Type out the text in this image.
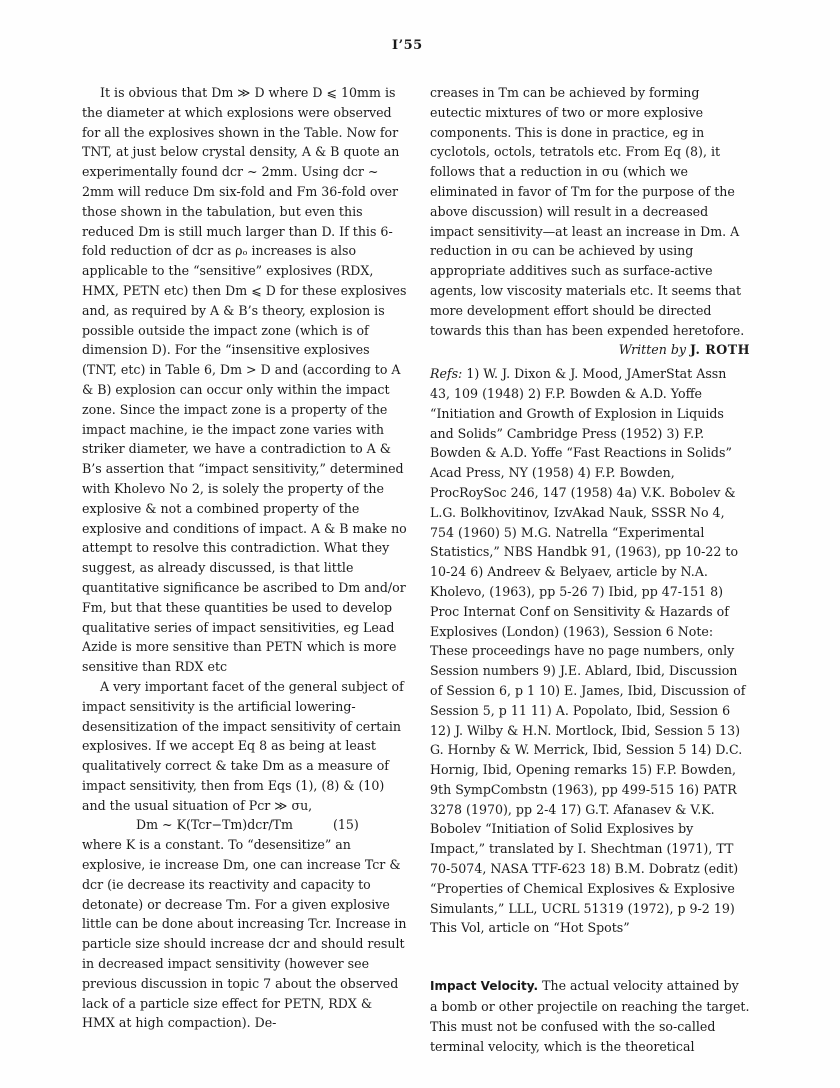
I’55

It is obvious that Dm ≫ D where D ⩽ 10mm is the diameter at which explosions were observed for all the explosives shown in the Table. Now for TNT, at just below crystal density, A & B quote an experimentally found dcr ~ 2mm. Using dcr ~ 2mm will reduce Dm six-fold and Fm 36-fold over those shown in the tabulation, but even this reduced Dm is still much larger than D. If this 6-fold reduction of dcr as ρₒ increases is also applicable to the “sensitive” explosives (RDX, HMX, PETN etc) then Dm ⩽ D for these explosives and, as required by A & B’s theory, explosion is possible outside the impact zone (which is of dimension D). For the “insensitive explosives (TNT, etc) in Table 6, Dm > D and (according to A & B) explosion can occur only within the impact zone. Since the impact zone is a property of the impact machine, ie the impact zone varies with striker diameter, we have a contradiction to A & B’s assertion that “impact sensitivity,” determined with Kholevo No 2, is solely the property of the explosive & not a combined property of the explosive and conditions of impact. A & B make no attempt to resolve this contradiction. What they suggest, as already discussed, is that little quantitative significance be ascribed to Dm and/or Fm, but that these quantities be used to develop qualitative series of impact sensitivities, eg Lead Azide is more sensitive than PETN which is more sensitive than RDX etc

A very important facet of the general subject of impact sensitivity is the artificial lowering-desensitization of the impact sensitivity of certain explosives. If we accept Eq 8 as being at least qualitatively correct & take Dm as a measure of impact sensitivity, then from Eqs (1), (8) & (10) and the usual situation of Pcr ≫ σu,

Dm ~ K(Tcr−Tm)dcr/Tm          (15)

where K is a constant. To “desensitize” an explosive, ie increase Dm, one can increase Tcr & dcr (ie decrease its reactivity and capacity to detonate) or decrease Tm. For a given explosive little can be done about increasing Tcr. Increase in particle size should increase dcr and should result in decreased impact sensitivity (however see previous discussion in topic 7 about the observed lack of a particle size effect for PETN, RDX & HMX at high compaction). De-

creases in Tm can be achieved by forming eutectic mixtures of two or more explosive components. This is done in practice, eg in cyclotols, octols, tetratols etc. From Eq (8), it follows that a reduction in σu (which we eliminated in favor of Tm for the purpose of the above discussion) will result in a decreased impact sensitivity—at least an increase in Dm. A reduction in σu can be achieved by using appropriate additives such as surface-active agents, low viscosity materials etc. It seems that more development effort should be directed towards this than has been expended heretofore.

Written by J. ROTH

Refs: 1) W. J. Dixon & J. Mood, JAmerStat Assn 43, 109 (1948) 2) F.P. Bowden & A.D. Yoffe “Initiation and Growth of Explosion in Liquids and Solids” Cambridge Press (1952) 3) F.P. Bowden & A.D. Yoffe “Fast Reactions in Solids” Acad Press, NY (1958) 4) F.P. Bowden, ProcRoySoc 246, 147 (1958) 4a) V.K. Bobolev & L.G. Bolkhovitinov, IzvAkad Nauk, SSSR No 4, 754 (1960) 5) M.G. Natrella “Experimental Statistics,” NBS Handbk 91, (1963), pp 10-22 to 10-24 6) Andreev & Belyaev, article by N.A. Kholevo, (1963), pp 5-26 7) Ibid, pp 47-151 8) Proc Internat Conf on Sensitivity & Hazards of Explosives (London) (1963), Session 6 Note: These proceedings have no page numbers, only Session numbers 9) J.E. Ablard, Ibid, Discussion of Session 6, p 1 10) E. James, Ibid, Discussion of Session 5, p 11 11) A. Popolato, Ibid, Session 6 12) J. Wilby & H.N. Mortlock, Ibid, Session 5 13) G. Hornby & W. Merrick, Ibid, Session 5 14) D.C. Hornig, Ibid, Opening remarks 15) F.P. Bowden, 9th SympCombstn (1963), pp 499-515 16) PATR 3278 (1970), pp 2-4 17) G.T. Afanasev & V.K. Bobolev “Initiation of Solid Explosives by Impact,” translated by I. Shechtman (1971), TT 70-5074, NASA TTF-623 18) B.M. Dobratz (edit) “Properties of Chemical Explosives & Explosive Simulants,” LLL, UCRL 51319 (1972), p 9-2 19) This Vol, article on “Hot Spots”

Impact Velocity. The actual velocity attained by a bomb or other projectile on reaching the target. This must not be confused with the so-called terminal velocity, which is the theoretical
